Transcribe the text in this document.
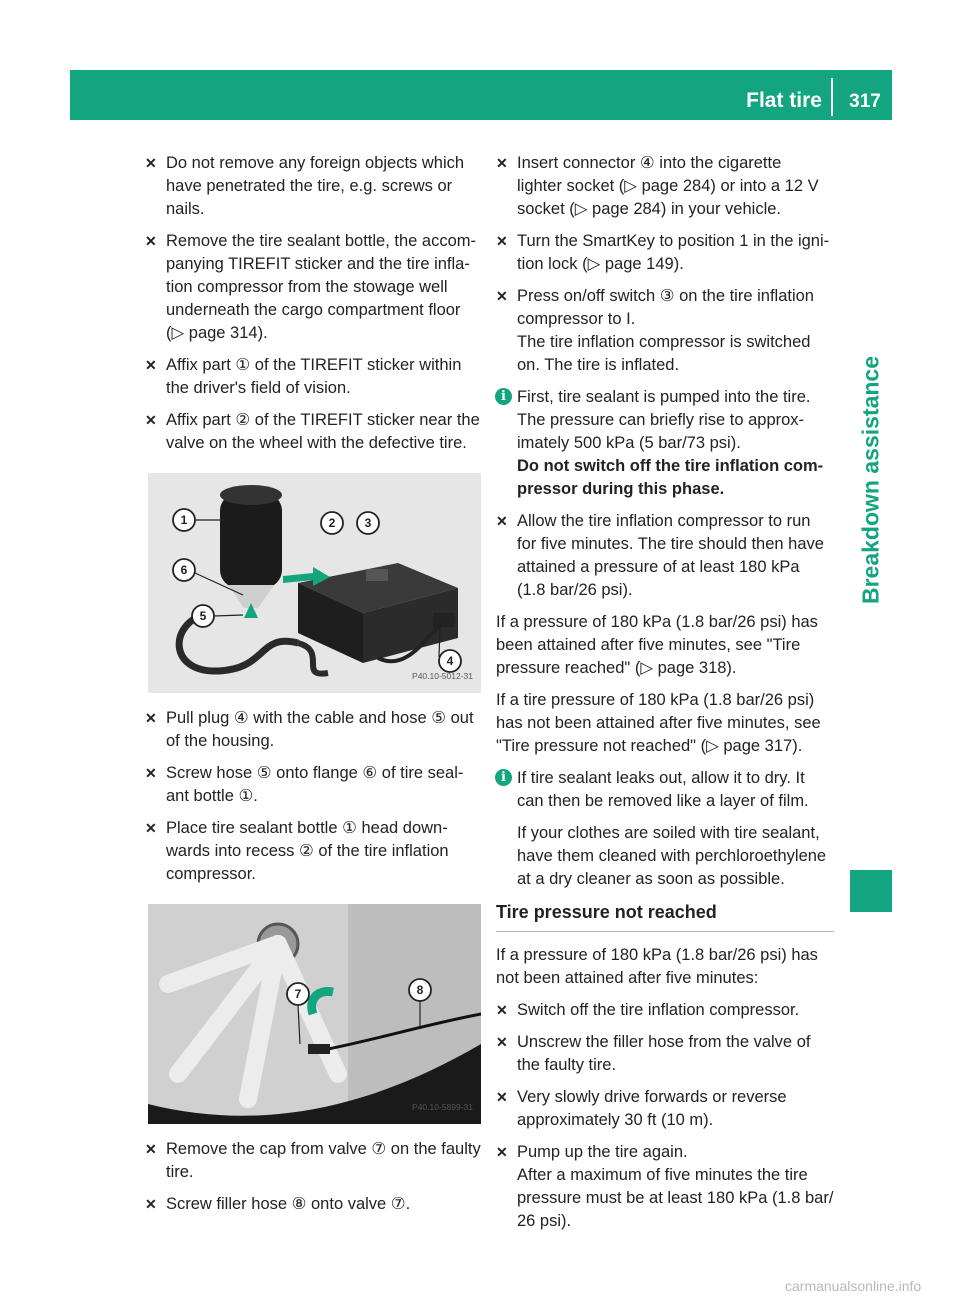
Flat tire	317
Breakdown assistance
✕ Do not remove any foreign objects which
have penetrated the tire, e.g. screws or
nails.
✕ Remove the tire sealant bottle, the accom-
panying TIREFIT sticker and the tire infla-
tion compressor from the stowage well
underneath the cargo compartment floor
(▷ page 314).
✕ Affix part ① of the TIREFIT sticker within
the driver's field of vision.
✕ Affix part ② of the TIREFIT sticker near the
valve on the wheel with the defective tire.
1	2 3
4
5
6
P40.10-5012-31
✕ Pull plug ④ with the cable and hose ⑤ out
of the housing.
✕ Screw hose ⑤ onto flange ⑥ of tire seal-
ant bottle ①.
✕ Place tire sealant bottle ① head down-
wards into recess ② of the tire inflation
compressor.
7	8
P40.10-5899-31
✕ Remove the cap from valve ⑦ on the faulty
tire.
✕ Screw filler hose ⑧ onto valve ⑦.
✕ Insert connector ④ into the cigarette
lighter socket (▷ page 284) or into a 12 V
socket (▷ page 284) in your vehicle.
✕ Turn the SmartKey to position 1 in the igni-
tion lock (▷ page 149).
✕ Press on/off switch ③ on the tire inflation
compressor to I.
The tire inflation compressor is switched
on. The tire is inflated.
i First, tire sealant is pumped into the tire.
The pressure can briefly rise to approx-
imately 500 kPa (5 bar/73 psi).
Do not switch off the tire inflation com-
pressor during this phase.
✕ Allow the tire inflation compressor to run
for five minutes. The tire should then have
attained a pressure of at least 180 kPa
(1.8 bar/26 psi).
If a pressure of 180 kPa (1.8 bar/26 psi) has
been attained after five minutes, see "Tire
pressure reached" (▷ page 318).
If a tire pressure of 180 kPa (1.8 bar/26 psi)
has not been attained after five minutes, see
"Tire pressure not reached" (▷ page 317).
i If tire sealant leaks out, allow it to dry. It
can then be removed like a layer of film.
If your clothes are soiled with tire sealant,
have them cleaned with perchloroethylene
at a dry cleaner as soon as possible.
Tire pressure not reached
If a pressure of 180 kPa (1.8 bar/26 psi) has
not been attained after five minutes:
✕ Switch off the tire inflation compressor.
✕ Unscrew the filler hose from the valve of
the faulty tire.
✕ Very slowly drive forwards or reverse
approximately 30 ft (10 m).
✕ Pump up the tire again.
After a maximum of five minutes the tire
pressure must be at least 180 kPa (1.8 bar/
26 psi).
carmanualsonline.info
